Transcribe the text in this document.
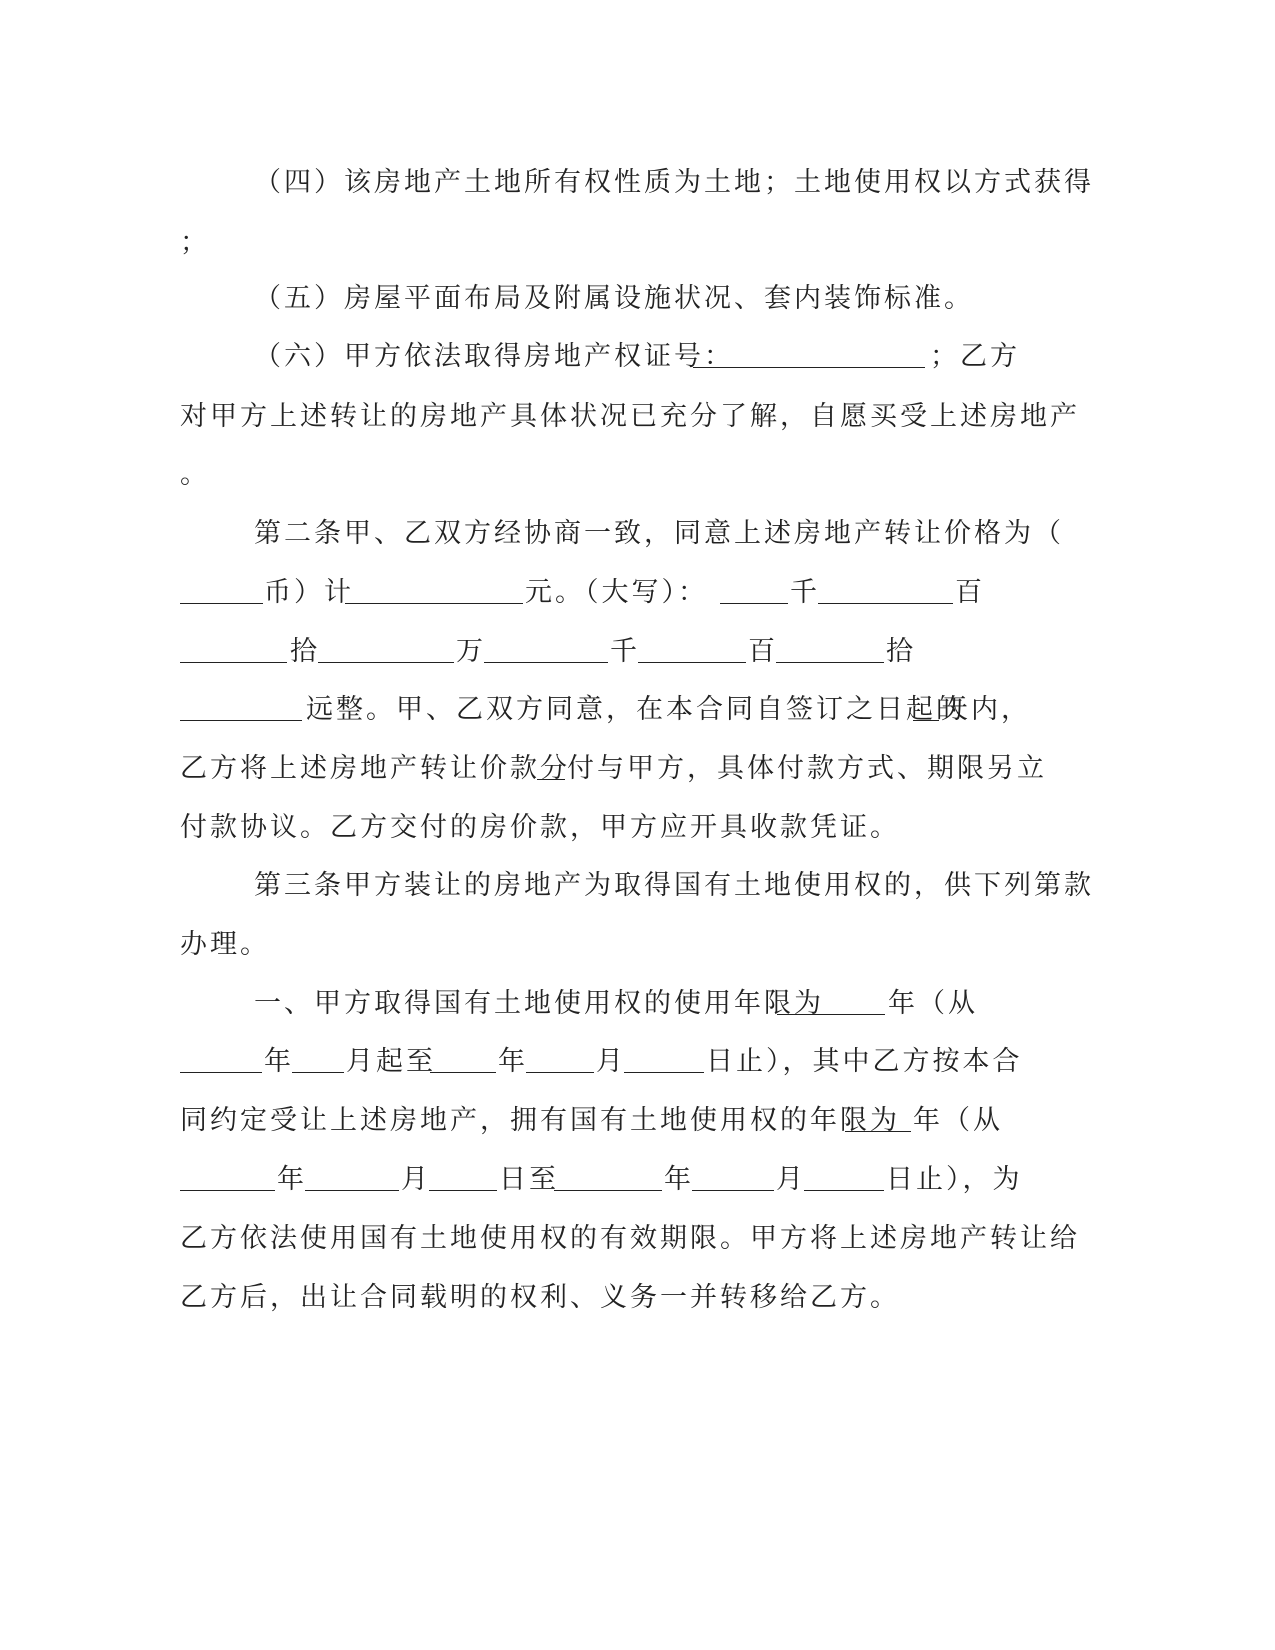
（四）该房地产土地所有权性质为土地；土地使用权以方式获得
；
（五）房屋平面布局及附属设施状况、套内装饰标准。
（六）甲方依法取得房地产权证号：	；乙方
对甲方上述转让的房地产具体状况已充分了解，自愿买受上述房地产
。
第二条甲、乙双方经协商一致，同意上述房地产转让价格为（
币）计	元。（大写）：	千	百
拾	万	千	百	拾
远整。甲、乙双方同意，在本合同自签订之日起的
天内，
乙方将上述房地产转让价款分
付与甲方，具体付款方式、期限另立
付款协议。乙方交付的房价款，甲方应开具收款凭证。
第三条甲方装让的房地产为取得国有土地使用权的，供下列第款
办理。
一、甲方取得国有土地使用权的使用年限为 年（从
年 月起至 年	月	日止），其中乙方按本合
同约定受让上述房地产，拥有国有土地使用权的年限为 年（从
年	月	日至	年	月	日止），为
乙方依法使用国有土地使用权的有效期限。甲方将上述房地产转让给
乙方后，出让合同载明的权利、义务一并转移给乙方。
